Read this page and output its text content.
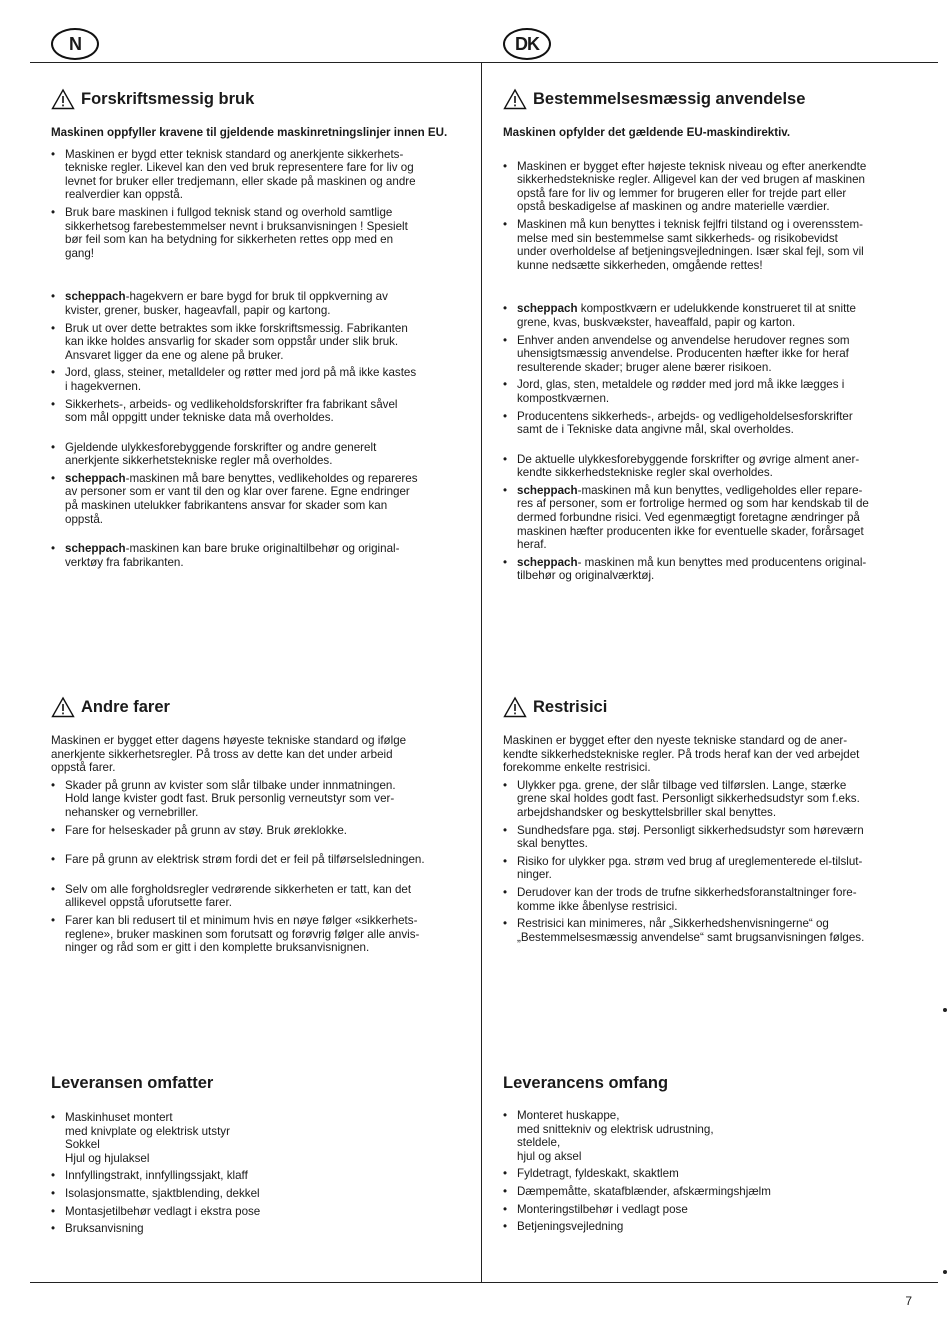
N	DK
Forskriftsmessig bruk

Maskinen oppfyller kravene til gjeldende maskinretningslinjer innen EU.

• Maskinen er bygd etter teknisk standard og anerkjente sikkerhets-
tekniske regler. Likevel kan den ved bruk representere fare for liv og
levnet for bruker eller tredjemann, eller skade på maskinen og andre
realverdier kan oppstå.
• Bruk bare maskinen i fullgod teknisk stand og overhold samtlige
sikkerhetsog farebestemmelser nevnt i bruksanvisningen ! Spesielt
bør feil som kan ha betydning for sikkerheten rettes opp med en
gang!
• scheppach-hagekvern er bare bygd for bruk til oppkverning av
kvister, grener, busker, hageavfall, papir og kartong.
• Bruk ut over dette betraktes som ikke forskriftsmessig. Fabrikanten
kan ikke holdes ansvarlig for skader som oppstår under slik bruk.
Ansvaret ligger da ene og alene på bruker.
• Jord, glass, steiner, metalldeler og røtter med jord på må ikke kastes
i hagekvernen.
• Sikkerhets-, arbeids- og vedlikeholdsforskrifter fra fabrikant såvel
som mål oppgitt under tekniske data må overholdes.
• Gjeldende ulykkesforebyggende forskrifter og andre generelt
anerkjente sikkerhetstekniske regler må overholdes.
• scheppach-maskinen må bare benyttes, vedlikeholdes og repareres
av personer som er vant til den og klar over farene. Egne endringer
på maskinen utelukker fabrikantens ansvar for skader som kan
oppstå.
• scheppach-maskinen kan bare bruke originaltilbehør og original-
verktøy fra fabrikanten.
Andre farer

Maskinen er bygget etter dagens høyeste tekniske standard og ifølge
anerkjente sikkerhetsregler. På tross av dette kan det under arbeid
oppstå farer.

• Skader på grunn av kvister som slår tilbake under innmatningen.
Hold lange kvister godt fast. Bruk personlig verneutstyr som ver-
nehansker og vernebriller.
• Fare for helseskader på grunn av støy. Bruk øreklokke.
• Fare på grunn av elektrisk strøm fordi det er feil på tilførselsledningen.
• Selv om alle forgholdsregler vedrørende sikkerheten er tatt, kan det
allikevel oppstå uforutsette farer.
• Farer kan bli redusert til et minimum hvis en nøye følger «sikkerhets-
reglene», bruker maskinen som forutsatt og forøvrig følger alle anvis-
ninger og råd som er gitt i den komplette bruksanvisnignen.
Leveransen omfatter
• Maskinhuset montert
med knivplate og elektrisk utstyr
Sokkel
Hjul og hjulaksel
• Innfyllingstrakt, innfyllingssjakt, klaff
• Isolasjonsmatte, sjaktblending, dekkel
• Montasjetilbehør vedlagt i ekstra pose
• Bruksanvisning
Bestemmelsesmæssig anvendelse

Maskinen opfylder det gældende EU-maskindirektiv.

• Maskinen er bygget efter højeste teknisk niveau og efter anerkendte
sikkerhedstekniske regler. Alligevel kan der ved brugen af maskinen
opstå fare for liv og lemmer for brugeren eller for trejde part eller
opstå beskadigelse af maskinen og andre materielle værdier.
• Maskinen må kun benyttes i teknisk fejlfri tilstand og i overensstem-
melse med sin bestemmelse samt sikkerheds- og risikobevidst
under overholdelse af betjeningsvejledningen. Især skal fejl, som vil
kunne nedsætte sikkerheden, omgående rettes!
• scheppach kompostkværn er udelukkende konstrueret til at snitte
grene, kvas, buskvækster, haveaffald, papir og karton.
• Enhver anden anvendelse og anvendelse herudover regnes som
uhensigtsmæssig anvendelse. Producenten hæfter ikke for heraf
resulterende skader; bruger alene bærer risikoen.
• Jord, glas, sten, metaldele og rødder med jord må ikke lægges i
kompostkværnen.
• Producentens sikkerheds-, arbejds- og vedligeholdelsesforskrifter
samt de i Tekniske data angivne mål, skal overholdes.
• De aktuelle ulykkesforebyggende forskrifter og øvrige alment aner-
kendte sikkerhedstekniske regler skal overholdes.
• scheppach-maskinen må kun benyttes, vedligeholdes eller repare-
res af personer, som er fortrolige hermed og som har kendskab til de
dermed forbundne risici. Ved egenmægtigt foretagne ændringer på
maskinen hæfter producenten ikke for eventuelle skader, forårsaget
heraf.
• scheppach- maskinen må kun benyttes med producentens original-
tilbehør og originalværktøj.
Restrisici

Maskinen er bygget efter den nyeste tekniske standard og de aner-
kendte sikkerhedstekniske regler. På trods heraf kan der ved arbejdet
forekomme enkelte restrisici.

• Ulykker pga. grene, der slår tilbage ved tilførslen. Lange, stærke
grene skal holdes godt fast. Personligt sikkerhedsudstyr som f.eks.
arbejdshandsker og beskyttelsbriller skal benyttes.
• Sundhedsfare pga. støj. Personligt sikkerhedsudstyr som høreværn
skal benyttes.
• Risiko for ulykker pga. strøm ved brug af ureglementerede el-tilslut-
ninger.
• Derudover kan der trods de trufne sikkerhedsforanstaltninger fore-
komme ikke åbenlyse restrisici.
• Restrisici kan minimeres, når „Sikkerhedshenvisningerne“ og
„Bestemmelsesmæssig anvendelse“ samt brugsanvisningen følges.
Leverancens omfang
• Monteret huskappe,
med snittekniv og elektrisk udrustning,
steldele,
hjul og aksel
• Fyldetragt, fyldeskakt, skaktlem
• Dæmpemåtte, skatafblænder, afskærmingshjælm
• Monteringstilbehør i vedlagt pose
• Betjeningsvejledning
7
